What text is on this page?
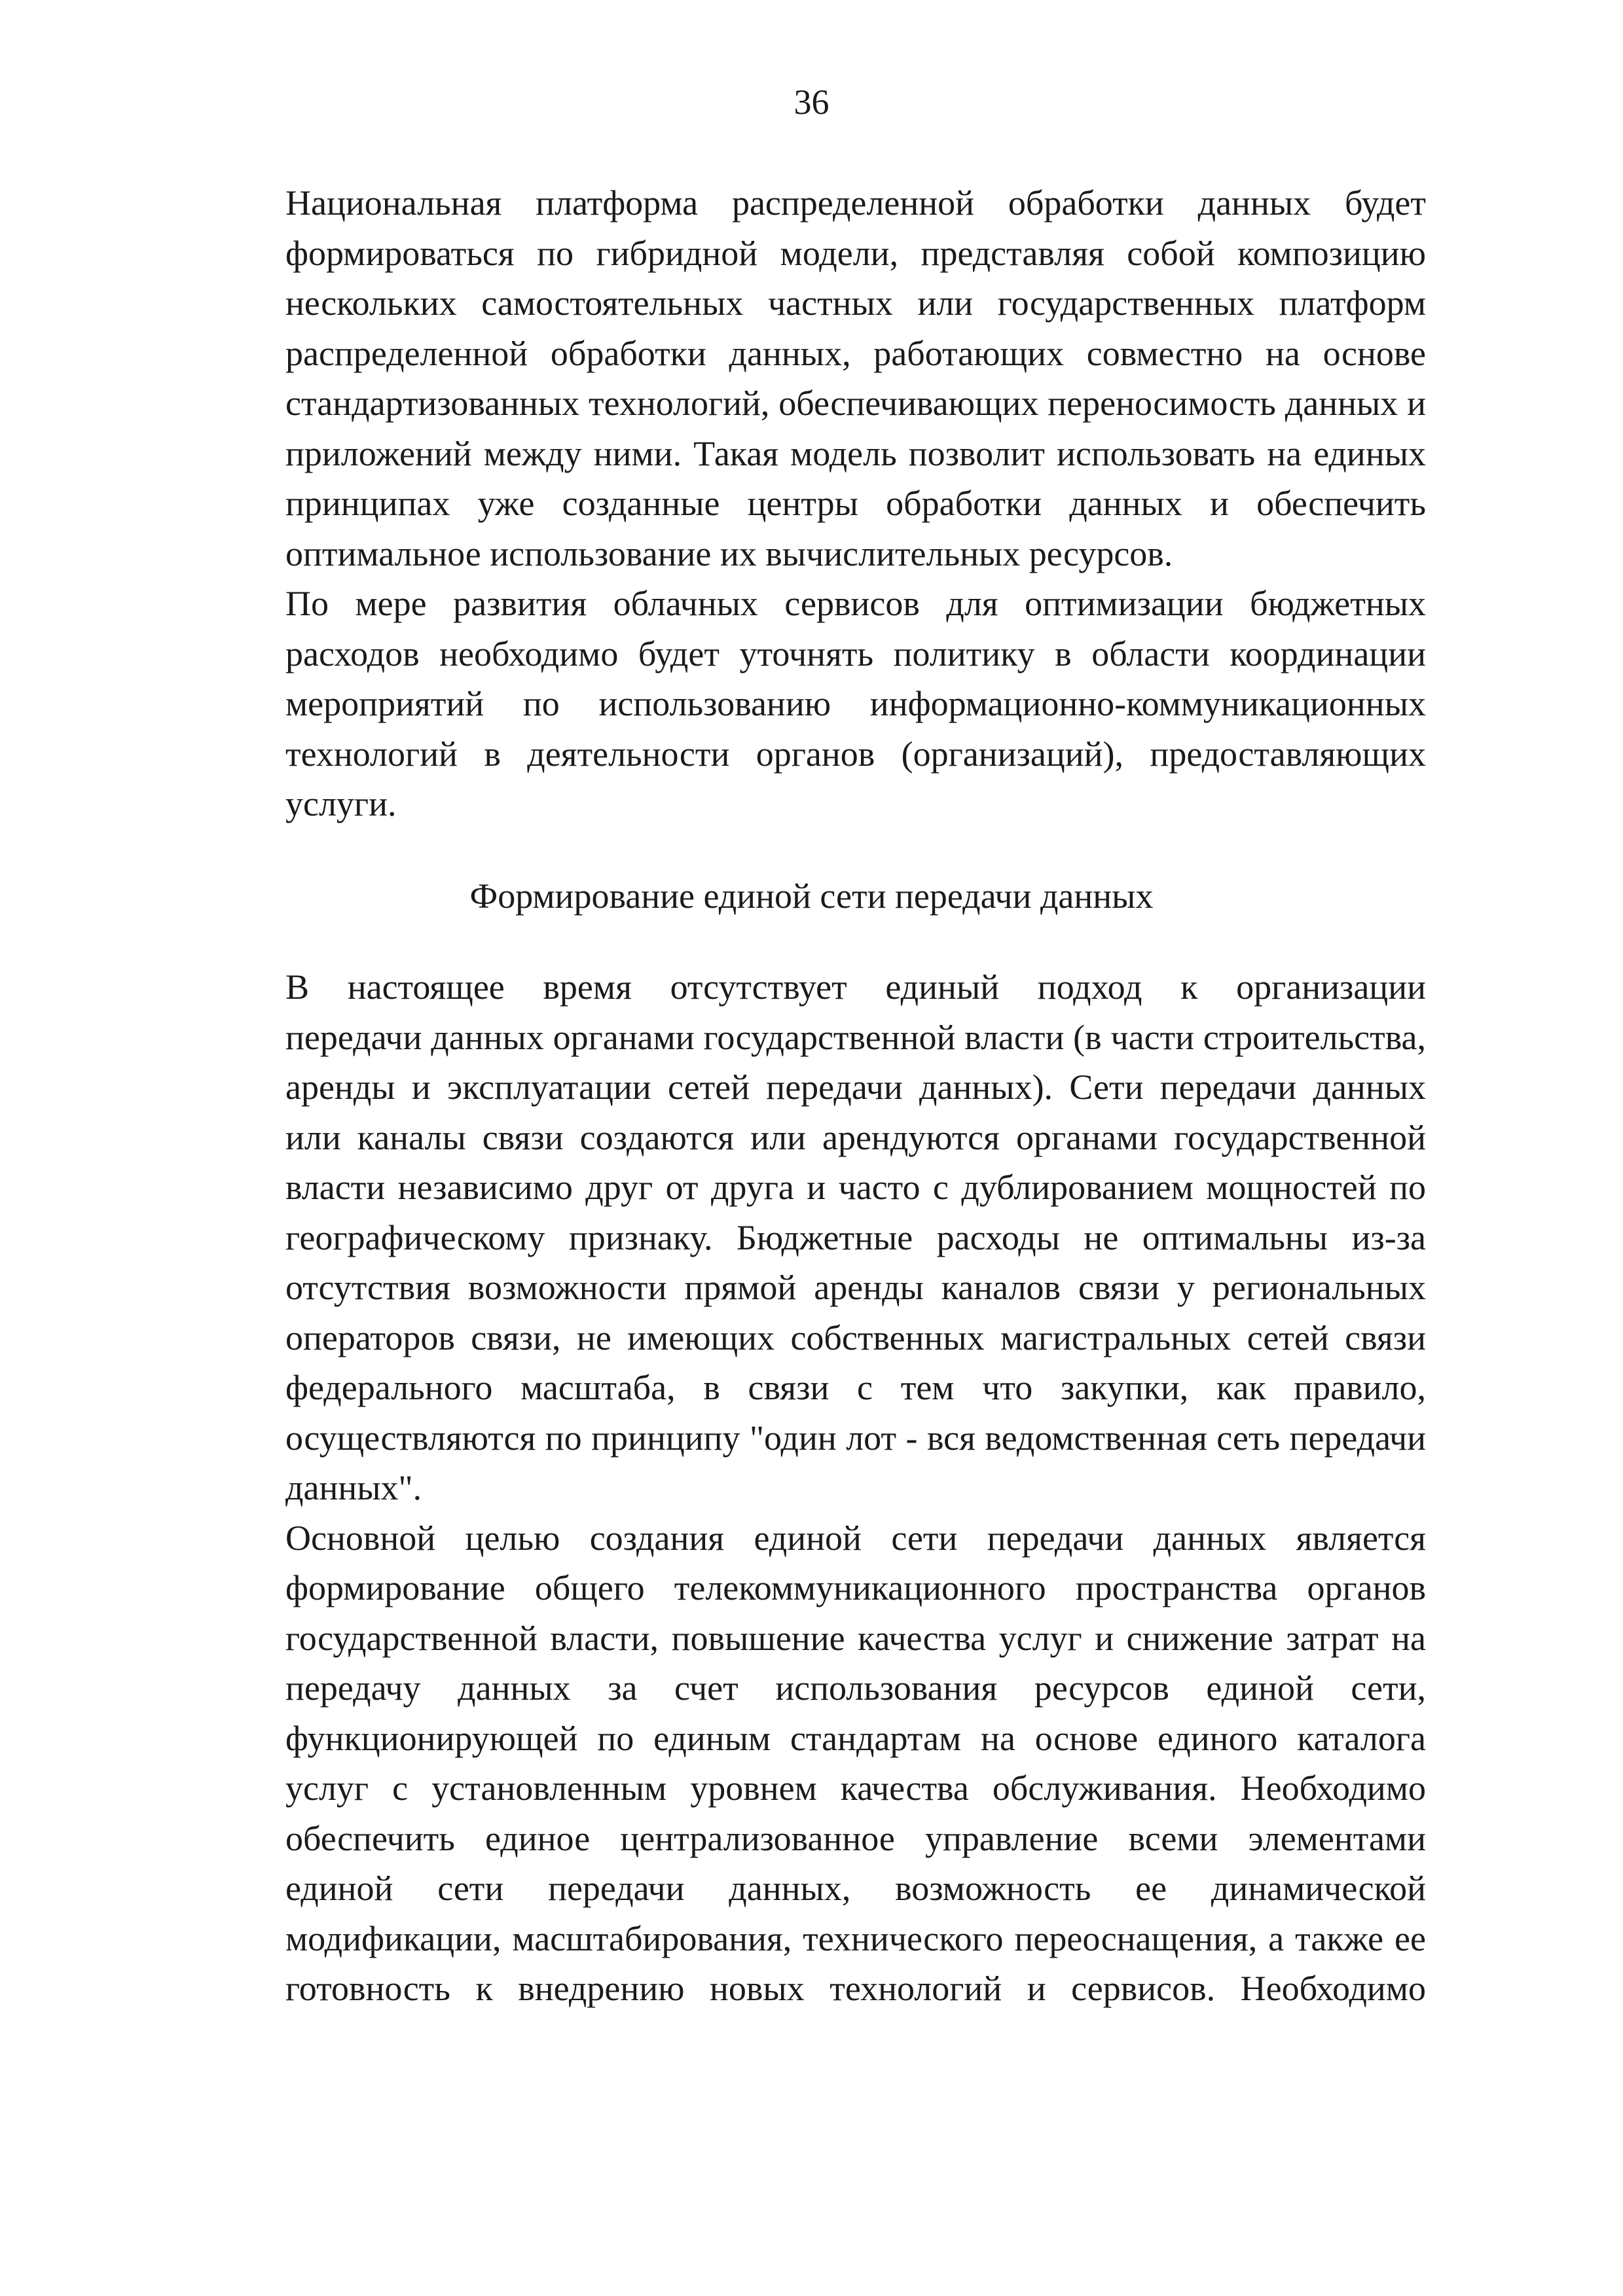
36
Национальная платформа распределенной обработки данных будет
формироваться по гибридной модели, представляя собой композицию
нескольких самостоятельных частных или государственных платформ
распределенной обработки данных, работающих совместно на основе
стандартизованных технологий, обеспечивающих переносимость данных и
приложений между ними. Такая модель позволит использовать на единых
принципах уже созданные центры обработки данных и обеспечить
оптимальное использование их вычислительных ресурсов.
По мере развития облачных сервисов для оптимизации бюджетных
расходов необходимо будет уточнять политику в области координации
мероприятий по использованию информационно-коммуникационных
технологий в деятельности органов (организаций), предоставляющих
услуги.
Формирование единой сети передачи данных
В настоящее время отсутствует единый подход к организации
передачи данных органами государственной власти (в части строительства,
аренды и эксплуатации сетей передачи данных). Сети передачи данных
или каналы связи создаются или арендуются органами государственной
власти независимо друг от друга и часто с дублированием мощностей по
географическому признаку. Бюджетные расходы не оптимальны из-за
отсутствия возможности прямой аренды каналов связи у региональных
операторов связи, не имеющих собственных магистральных сетей связи
федерального масштаба, в связи с тем что закупки, как правило,
осуществляются по принципу "один лот - вся ведомственная сеть передачи
данных".
Основной целью создания единой сети передачи данных является
формирование общего телекоммуникационного пространства органов
государственной власти, повышение качества услуг и снижение затрат на
передачу данных за счет использования ресурсов единой сети,
функционирующей по единым стандартам на основе единого каталога
услуг с установленным уровнем качества обслуживания. Необходимо
обеспечить единое централизованное управление всеми элементами
единой сети передачи данных, возможность ее динамической
модификации, масштабирования, технического переоснащения, а также ее
готовность к внедрению новых технологий и сервисов. Необходимо
